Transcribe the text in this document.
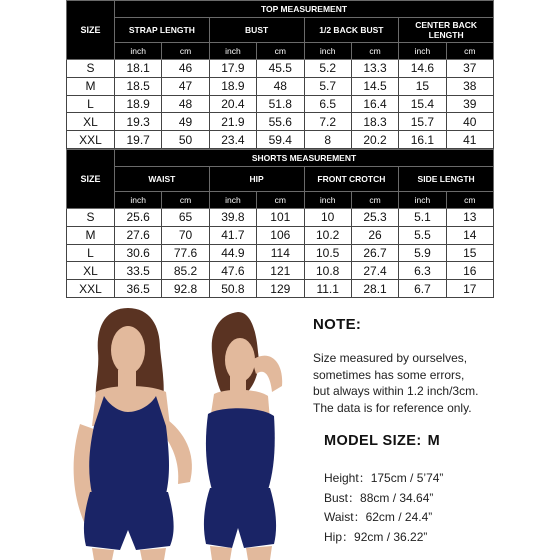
SIZE	TOP MEASUREMENT							
	STRAP LENGTH		BUST		1/2 BACK BUST		CENTER BACK LENGTH	
	inch	cm	inch	cm	inch	cm	inch	cm
S	18.1	46	17.9	45.5	5.2	13.3	14.6	37
M	18.5	47	18.9	48	5.7	14.5	15	38
L	18.9	48	20.4	51.8	6.5	16.4	15.4	39
XL	19.3	49	21.9	55.6	7.2	18.3	15.7	40
XXL	19.7	50	23.4	59.4	8	20.2	16.1	41
SIZE	SHORTS MEASUREMENT							
	WAIST		HIP		FRONT CROTCH		SIDE LENGTH	
	inch	cm	inch	cm	inch	cm	inch	cm
S	25.6	65	39.8	101	10	25.3	5.1	13
M	27.6	70	41.7	106	10.2	26	5.5	14
L	30.6	77.6	44.9	114	10.5	26.7	5.9	15
XL	33.5	85.2	47.6	121	10.8	27.4	6.3	16
XXL	36.5	92.8	50.8	129	11.1	28.1	6.7	17
NOTE:
Size measured by ourselves,
sometimes has some errors,
but always within 1.2 inch/3cm.
The data is for reference only.
MODEL SIZE: M
Height ： 175cm / 5’74”
Bust ： 88cm / 34.64”
Waist ： 62cm / 24.4”
Hip ： 92cm / 36.22”
